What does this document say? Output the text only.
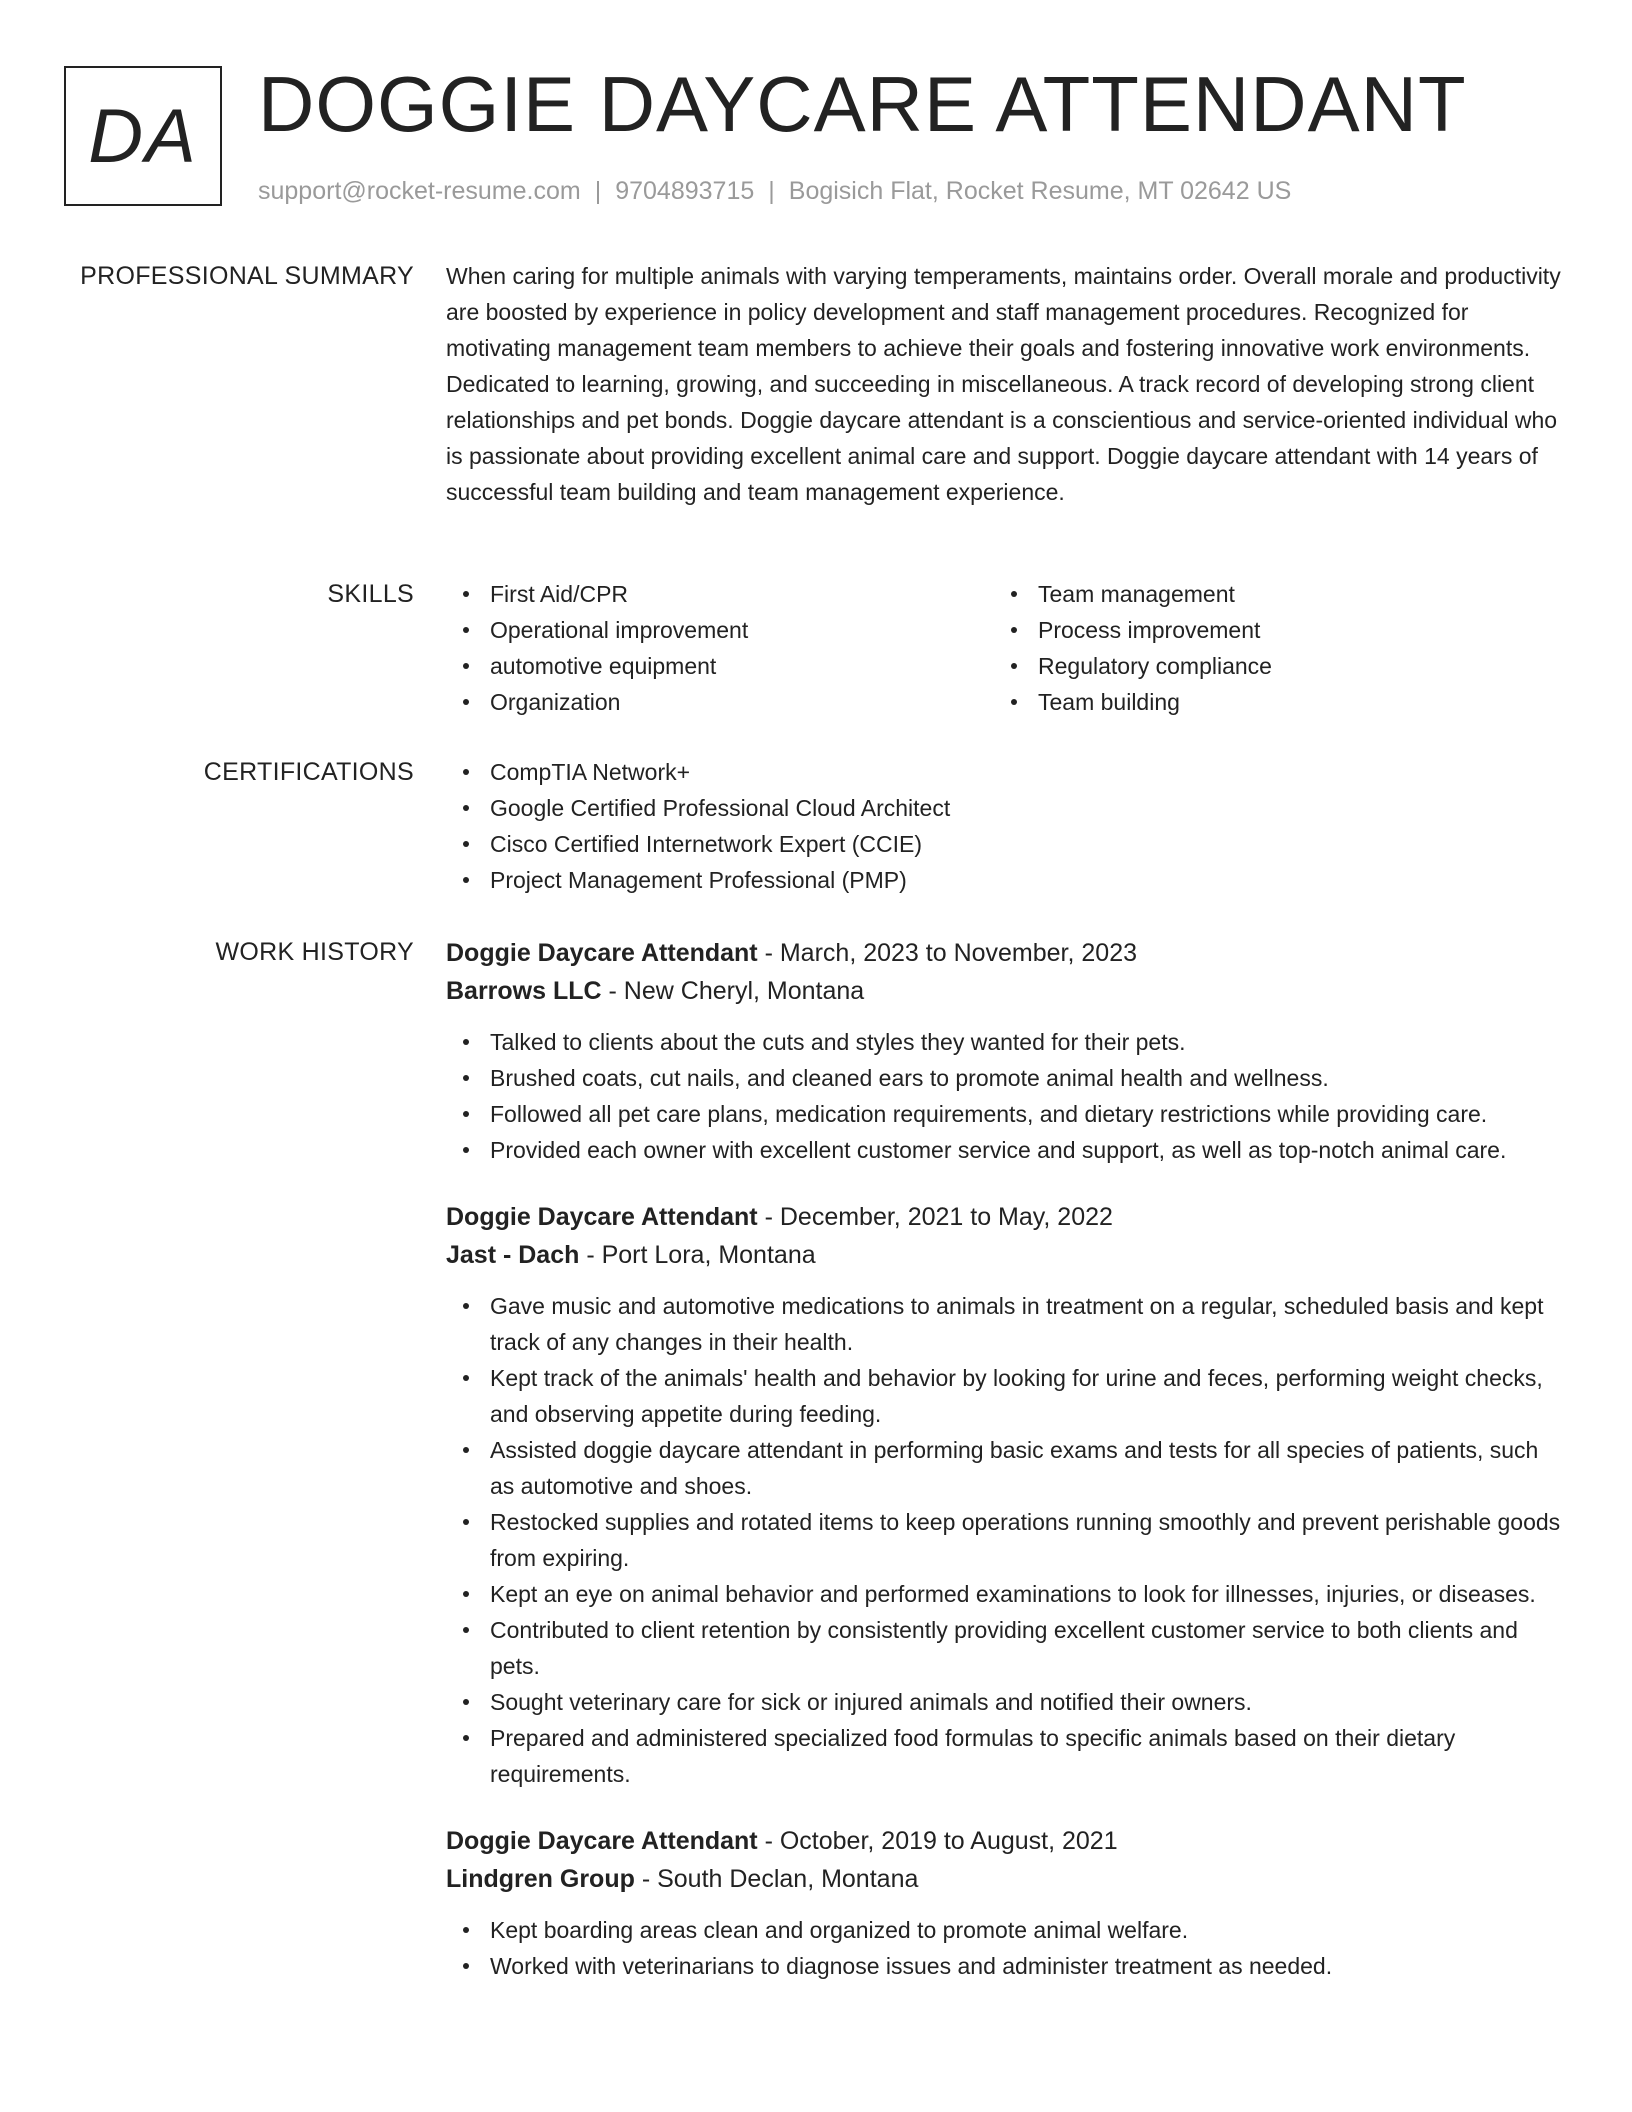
DA DOGGIE DAYCARE ATTENDANT
support@rocket-resume.com | 9704893715 | Bogisich Flat, Rocket Resume, MT 02642 US
PROFESSIONAL SUMMARY When caring for multiple animals with varying temperaments, maintains order. Overall morale and productivity are boosted by experience in policy development and staff management procedures. Recognized for motivating management team members to achieve their goals and fostering innovative work environments. Dedicated to learning, growing, and succeeding in miscellaneous. A track record of developing strong client relationships and pet bonds. Doggie daycare attendant is a conscientious and service-oriented individual who is passionate about providing excellent animal care and support. Doggie daycare attendant with 14 years of successful team building and team management experience.

SKILLS	First Aid/CPR
Operational improvement
automotive equipment
Organization
Team management
Process improvement
Regulatory compliance
Team building
CERTIFICATIONS	CompTIA Network+
Google Certified Professional Cloud Architect
Cisco Certified Internetwork Expert (CCIE)
Project Management Professional (PMP)
WORK HISTORY Doggie Daycare Attendant - March, 2023 to November, 2023
Barrows LLC - New Cheryl, Montana
Talked to clients about the cuts and styles they wanted for their pets.
Brushed coats, cut nails, and cleaned ears to promote animal health and wellness.
Followed all pet care plans, medication requirements, and dietary restrictions while providing care.
Provided each owner with excellent customer service and support, as well as top-notch animal care.
Doggie Daycare Attendant - December, 2021 to May, 2022
Jast - Dach - Port Lora, Montana
Gave music and automotive medications to animals in treatment on a regular, scheduled basis and kept track of any changes in their health.
Kept track of the animals' health and behavior by looking for urine and feces, performing weight checks, and observing appetite during feeding.
Assisted doggie daycare attendant in performing basic exams and tests for all species of patients, such as automotive and shoes.
Restocked supplies and rotated items to keep operations running smoothly and prevent perishable goods from expiring.
Kept an eye on animal behavior and performed examinations to look for illnesses, injuries, or diseases.
Contributed to client retention by consistently providing excellent customer service to both clients and pets.
Sought veterinary care for sick or injured animals and notified their owners.
Prepared and administered specialized food formulas to specific animals based on their dietary requirements.
Doggie Daycare Attendant - October, 2019 to August, 2021
Lindgren Group - South Declan, Montana
Kept boarding areas clean and organized to promote animal welfare.
Worked with veterinarians to diagnose issues and administer treatment as needed.
